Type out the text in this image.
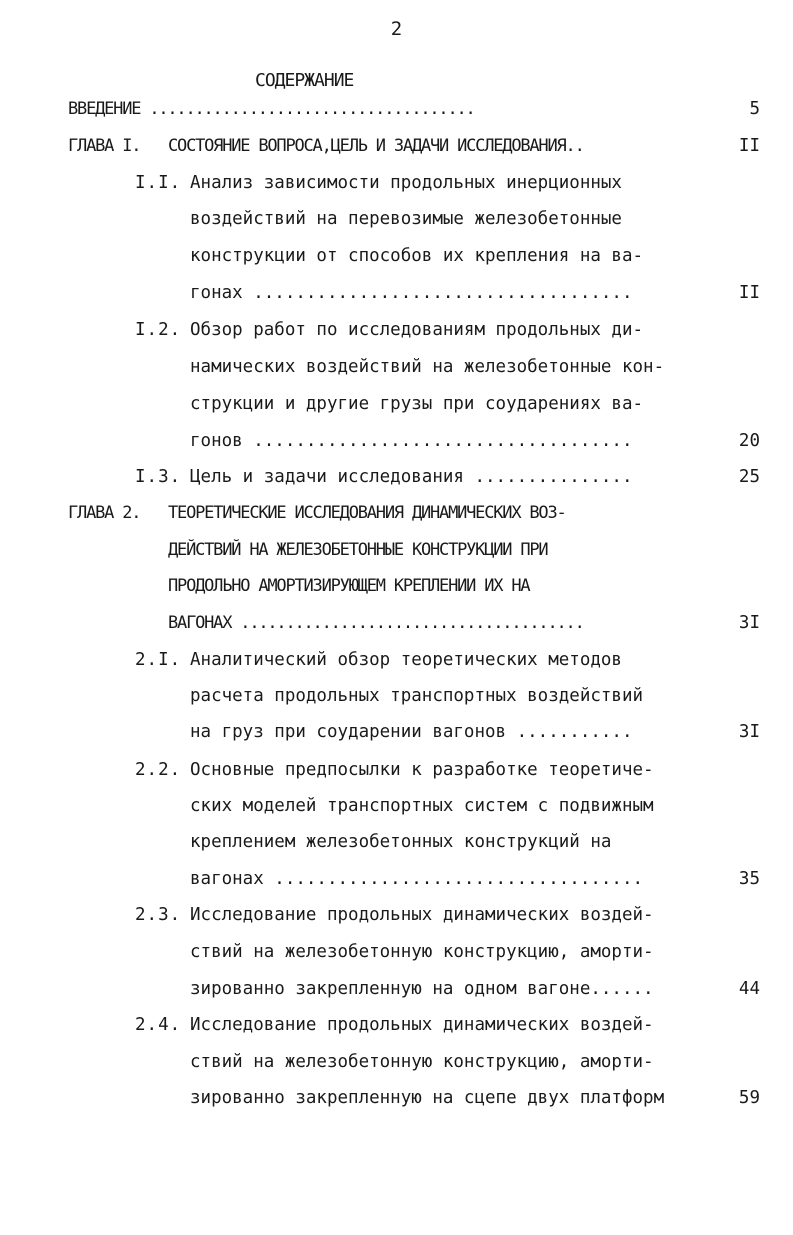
2
СОДЕРЖАНИЕ
ВВЕДЕНИЕ ....................................	5
ГЛАВА I. СОСТОЯНИЕ ВОПРОСА,ЦЕЛЬ И ЗАДАЧИ ИССЛЕДОВАНИЯ..	II
I.I. Анализ зависимости продольных инерционных
воздействий на перевозимые железобетонные
конструкции от способов их крепления на ва-
гонах ....................................	II
I.2. Обзор работ по исследованиям продольных ди-
намических воздействий на железобетонные кон-
струкции и другие грузы при соударениях ва-
гонов ....................................	20
I.3. Цель и задачи исследования ...............	25
ГЛАВА 2. ТЕОРЕТИЧЕСКИЕ ИССЛЕДОВАНИЯ ДИНАМИЧЕСКИХ ВОЗ-
ДЕЙСТВИЙ НА ЖЕЛЕЗОБЕТОННЫЕ КОНСТРУКЦИИ ПРИ
ПРОДОЛЬНО АМОРТИЗИРУЮЩЕМ КРЕПЛЕНИИ ИХ НА
ВАГОНАХ ......................................	3I
2.I. Аналитический обзор теоретических методов
расчета продольных транспортных воздействий
на груз при соударении вагонов ...........	3I
2.2. Основные предпосылки к разработке теоретиче-
ских моделей транспортных систем с подвижным
креплением железобетонных конструкций на
вагонах ...................................	35
2.3. Исследование продольных динамических воздей-
ствий на железобетонную конструкцию, аморти-
зированно закрепленную на одном вагоне......	44
2.4. Исследование продольных динамических воздей-
ствий на железобетонную конструкцию, аморти-
зированно закрепленную на сцепе двух платформ	59
